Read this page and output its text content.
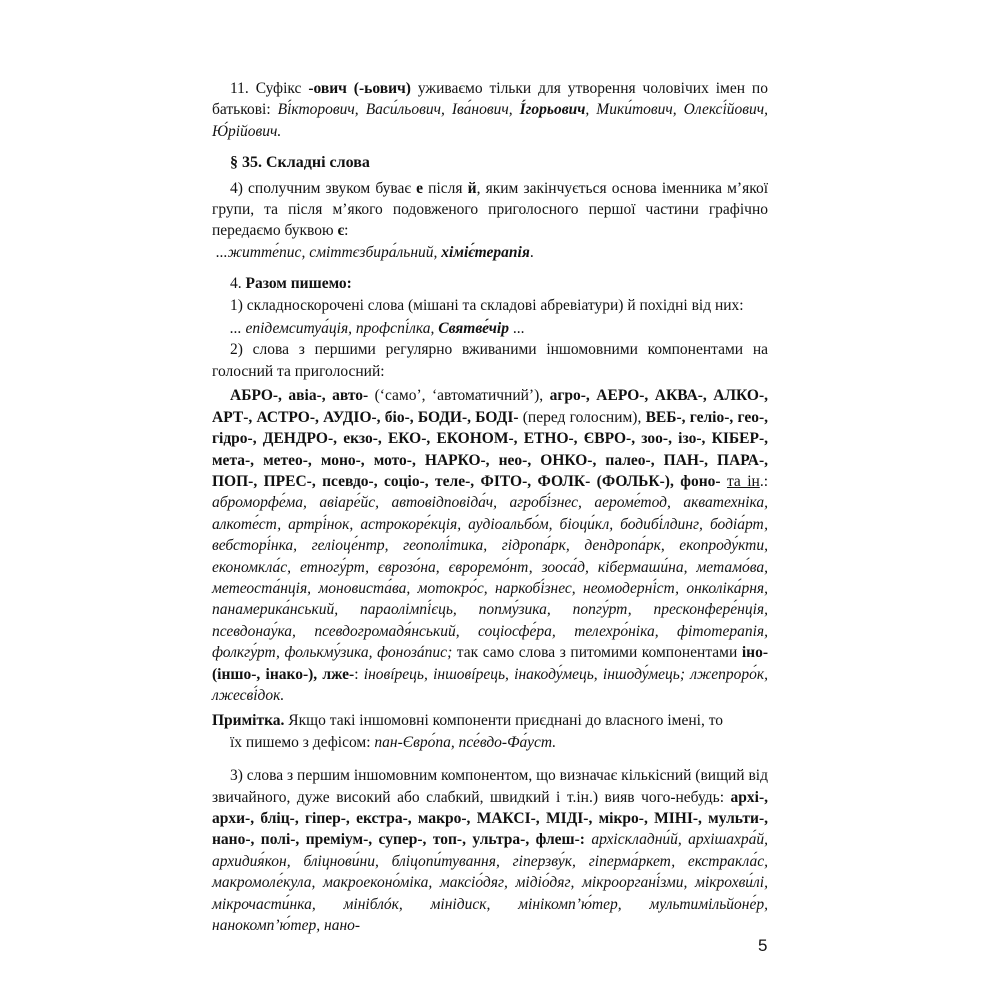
11. Суфікс -ович (-ьович) уживаємо тільки для утворення чоловічих імен по батькові: Ві́кторович, Васи́льович, Іва́нович, І́горьович, Мики́тович, Олексі́йович, Ю́рійович.

§ 35. Складні слова

4) сполучним звуком буває е після й, яким закінчується основа іменника м’якої групи, та після м’якого подовженого приголосного першої частини графічно передаємо буквою є:

...житте́пис, сміттєзбира́льний, хіміє́терапія.

4. Разом пишемо:

1) складноскорочені слова (мішані та складові абревіатури) й похідні від них:

... епідемситуа́ція, профспі́лка, Святве́чір ...

2) слова з першими регулярно вживаними іншомовними компонентами на голосний та приголосний:

АБРО-, авіа-, авто- (‘само’, ‘автоматичний’), агро-, АЕРО-, АКВА-, АЛКО-, АРТ-, АСТРО-, АУДІО-, біо-, БОДИ-, БОДІ- (перед голосним), ВЕБ-, геліо-, гео-, гідро-, ДЕНДРО-, екзо-, ЕКО-, ЕКОНОМ-, ЕТНО-, ЄВРО-, зоо-, ізо-, КІБЕР-, мета-, метео-, моно-, мото-, НАРКО-, нео-, ОНКО-, палео-, ПАН-, ПАРА-, ПОП-, ПРЕС-, псевдо-, соціо-, теле-, ФІТО-, ФОЛК- (ФОЛЬК-), фоно- та ін.: аброморфе́ма, авіаре́йс, автовідповіда́ч, агробі́знес, аероме́тод, акватехніка, алкоте́ст, артрі́нок, астрокоре́кція, аудіоальбо́м, біоци́кл, бодибі́лдинг, бодіа́рт, вебсторі́нка, геліоце́нтр, геополі́тика, гідропа́рк, дендропа́рк, екопроду́кти, економкла́с, етногу́рт, єврозо́на, євроремо́нт, зооса́д, кібермаши́на, метамо́ва, метеоста́нція, моновиста́ва, мотокро́с, наркобі́знес, неомодерні́ст, онколіка́рня, панамерика́нський, параолімпі́єць, попму́зика, попгу́рт, пресконфере́нція, псевдонау́ка, псевдогромадя́нський, соціосфе́ра, телехро́ніка, фітотерапія, фолкгу́рт, фолькму́зика, фонозáпис; так само слова з питомими компонентами іно- (іншо-, інако-), лже-: іновíрець, іншовíрець, інакоду́мець, іншоду́мець; лжепроро́к, лжесві́док.

Примітка. Якщо такі іншомовні компоненти приєднані до власного імені, то

їх пишемо з дефісом: пан-Євро́па, псе́вдо-Фа́уст.

3) слова з першим іншомовним компонентом, що визначає кількісний (вищий від звичайного, дуже високий або слабкий, швидкий і т.ін.) вияв чого-небудь: архі-, архи-, бліц-, гіпер-, екстра-, макро-, МАКСІ-, МІДІ-, мікро-, МІНІ-, мульти-, нано-, полі-, преміум-, супер-, топ-, ультра-, флеш-: архіскладни́й, архішахра́й, архидия́кон, бліцнови́ни, бліцопи́тування, гіперзву́к, гіперма́ркет, екстракла́с, макромоле́кула, макроеконо́міка, максіо́дяг, мідіо́дяг, мікрооргані́зми, мікрохви́лі, мікрочасти́нка, мініблóк, мінідиск, мінікомп’ю́тер, мультимільйоне́р, нанокомп’ю́тер, нано-

5
